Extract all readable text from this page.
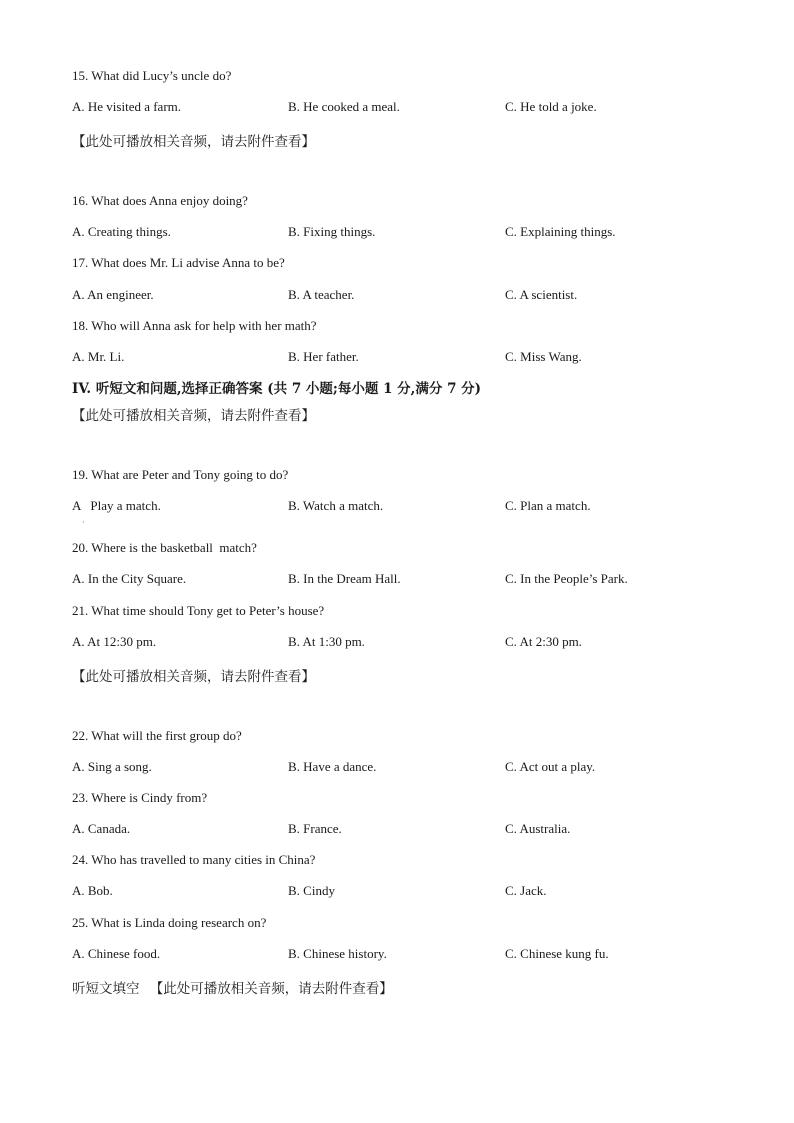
15. What did Lucy’s uncle do?
A. He visited a farm.	B. He cooked a meal.	C. He told a joke.
【此处可播放相关音频，请去附件查看】
16. What does Anna enjoy doing?
A. Creating things.	B. Fixing things.	C. Explaining things.
17. What does Mr. Li advise Anna to be?
A. An engineer.	B. A teacher.	C. A scientist.
18. Who will Anna ask for help with her math?
A. Mr. Li.	B. Her father.	C. Miss Wang.
IV. 听短文和问题,选择正确答案 (共 7 小题;每小题 1 分,满分 7 分)
【此处可播放相关音频，请去附件查看】
19. What are Peter and Tony going to do?
A   Play a match.	B. Watch a match.	C. Plan a match.
·
20. Where is the basketball  match?
A. In the City Square.	B. In the Dream Hall.	C. In the People’s Park.
21. What time should Tony get to Peter’s house?
A. At 12:30 pm.	B. At 1:30 pm.	C. At 2:30 pm.
【此处可播放相关音频，请去附件查看】
22. What will the first group do?
A. Sing a song.	B. Have a dance.	C. Act out a play.
23. Where is Cindy from?
A. Canada.	B. France.	C. Australia.
24. Who has travelled to many cities in China?
A. Bob.	B. Cindy	C. Jack.
25. What is Linda doing research on?
A. Chinese food.	B. Chinese history.	C. Chinese kung fu.
听短文填空 【此处可播放相关音频，请去附件查看】
